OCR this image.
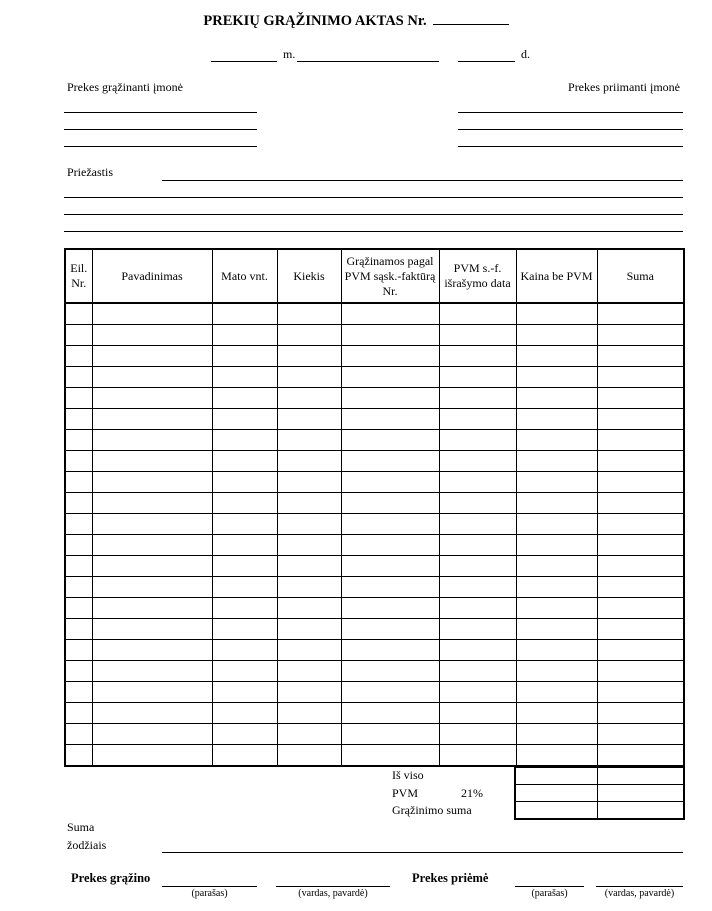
PREKIŲ GRĄŽINIMO AKTAS Nr.
m.	d.
Prekes grąžinanti įmonė	Prekes priimanti įmonė
Priežastis
Eil. Nr.	Pavadinimas	Mato vnt.	Kiekis	Grąžinamos pagal PVM sąsk.-faktūrą Nr.	PVM s.-f. išrašymo data	Kaina be PVM	Suma

Iš viso
PVM	21%
Grąžinimo suma

Suma
žodžiais
Prekes grąžino
(parašas)	(vardas, pavardė)
Prekes priėmė
(parašas)	(vardas, pavardė)
